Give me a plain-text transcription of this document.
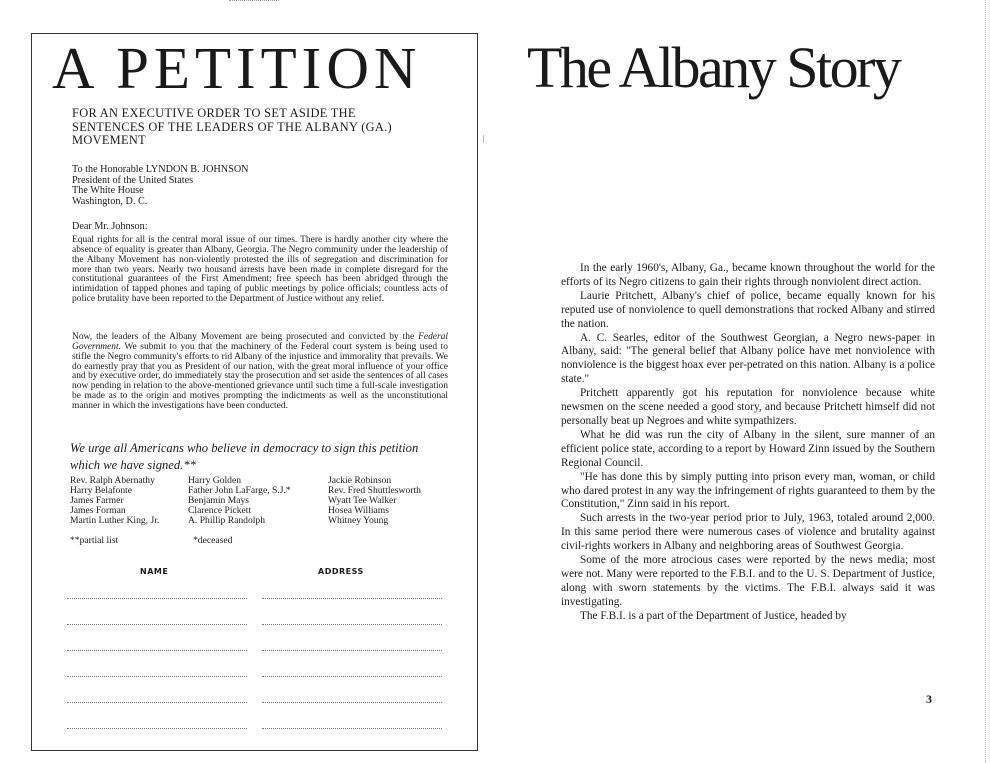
A PETITION

FOR AN EXECUTIVE ORDER TO SET ASIDE THE SENTENCES OF THE LEADERS OF THE ALBANY (GA.) MOVEMENT

To the Honorable LYNDON B. JOHNSON
President of the United States
The White House
Washington, D. C.
Dear Mr. Johnson:

Equal rights for all is the central moral issue of our times. There is hardly another city where the absence of equality is greater than Albany, Georgia. The Negro community under the leadership of the Albany Movement has non-violently protested the ills of segregation and discrimination for more than two years. Nearly two housand arrests have been made in complete disregard for the constitutional guarantees of the First Amendment; free speech has been abridged through the intimidation of tapped phones and taping of public meetings by police officials; countless acts of police brutality have been reported to the Department of Justice without any relief.

Now, the leaders of the Albany Movement are being prosecuted and convicted by the Federal Government. We submit to you that the machinery of the Federal court system is being used to stifle the Negro community's efforts to rid Albany of the injustice and immorality that prevails. We do earnestly pray that you as President of our nation, with the great moral influence of your office and by executive order, do immediately stay the prosecution and set aside the sentences of all cases now pending in relation to the above-mentioned grievance until such time a full-scale investigation be made as to the origin and motives prompting the indictments as well as the unconstitutional manner in which the investigations have been conducted.

We urge all Americans who believe in democracy to sign this petition which we have signed.**

Rev. Ralph Abernathy
Harry Belafonte
James Farmer
James Forman
Martin Luther King, Jr.
Harry Golden
Father John LaFarge, S.J.*
Benjamin Mays
Clarence Pickett
A. Phillip Randolph
Jackie Robinson
Rev. Fred Shuttlesworth
Wyatt Tee Walker
Hosea Williams
Whitney Young
**partial list	*deceased
NAME	ADDRESS
The Albany Story

In the early 1960's, Albany, Ga., became known throughout the world for the efforts of its Negro citizens to gain their rights through nonviolent direct action.

Laurie Pritchett, Albany's chief of police, became equally known for his reputed use of nonviolence to quell demonstrations that rocked Albany and stirred the nation.

A. C. Searles, editor of the Southwest Georgian, a Negro news-paper in Albany, said: "The general belief that Albany police have met nonviolence with nonviolence is the biggest hoax ever per-petrated on this nation. Albany is a police state."

Pritchett apparently got his reputation for nonviolence because white newsmen on the scene needed a good story, and because Pritchett himself did not personally beat up Negroes and white sympathizers.

What he did was run the city of Albany in the silent, sure manner of an efficient police state, according to a report by Howard Zinn issued by the Southern Regional Council.

"He has done this by simply putting into prison every man, woman, or child who dared protest in any way the infringement of rights guaranteed to them by the Constitution," Zinn said in his report.

Such arrests in the two-year period prior to July, 1963, totaled around 2,000. In this same period there were numerous cases of violence and brutality against civil-rights workers in Albany and neighboring areas of Southwest Georgia.

Some of the more atrocious cases were reported by the news media; most were not. Many were reported to the F.B.I. and to the U. S. Department of Justice, along with sworn statements by the victims. The F.B.I. always said it was investigating.

The F.B.I. is a part of the Department of Justice, headed by

3
